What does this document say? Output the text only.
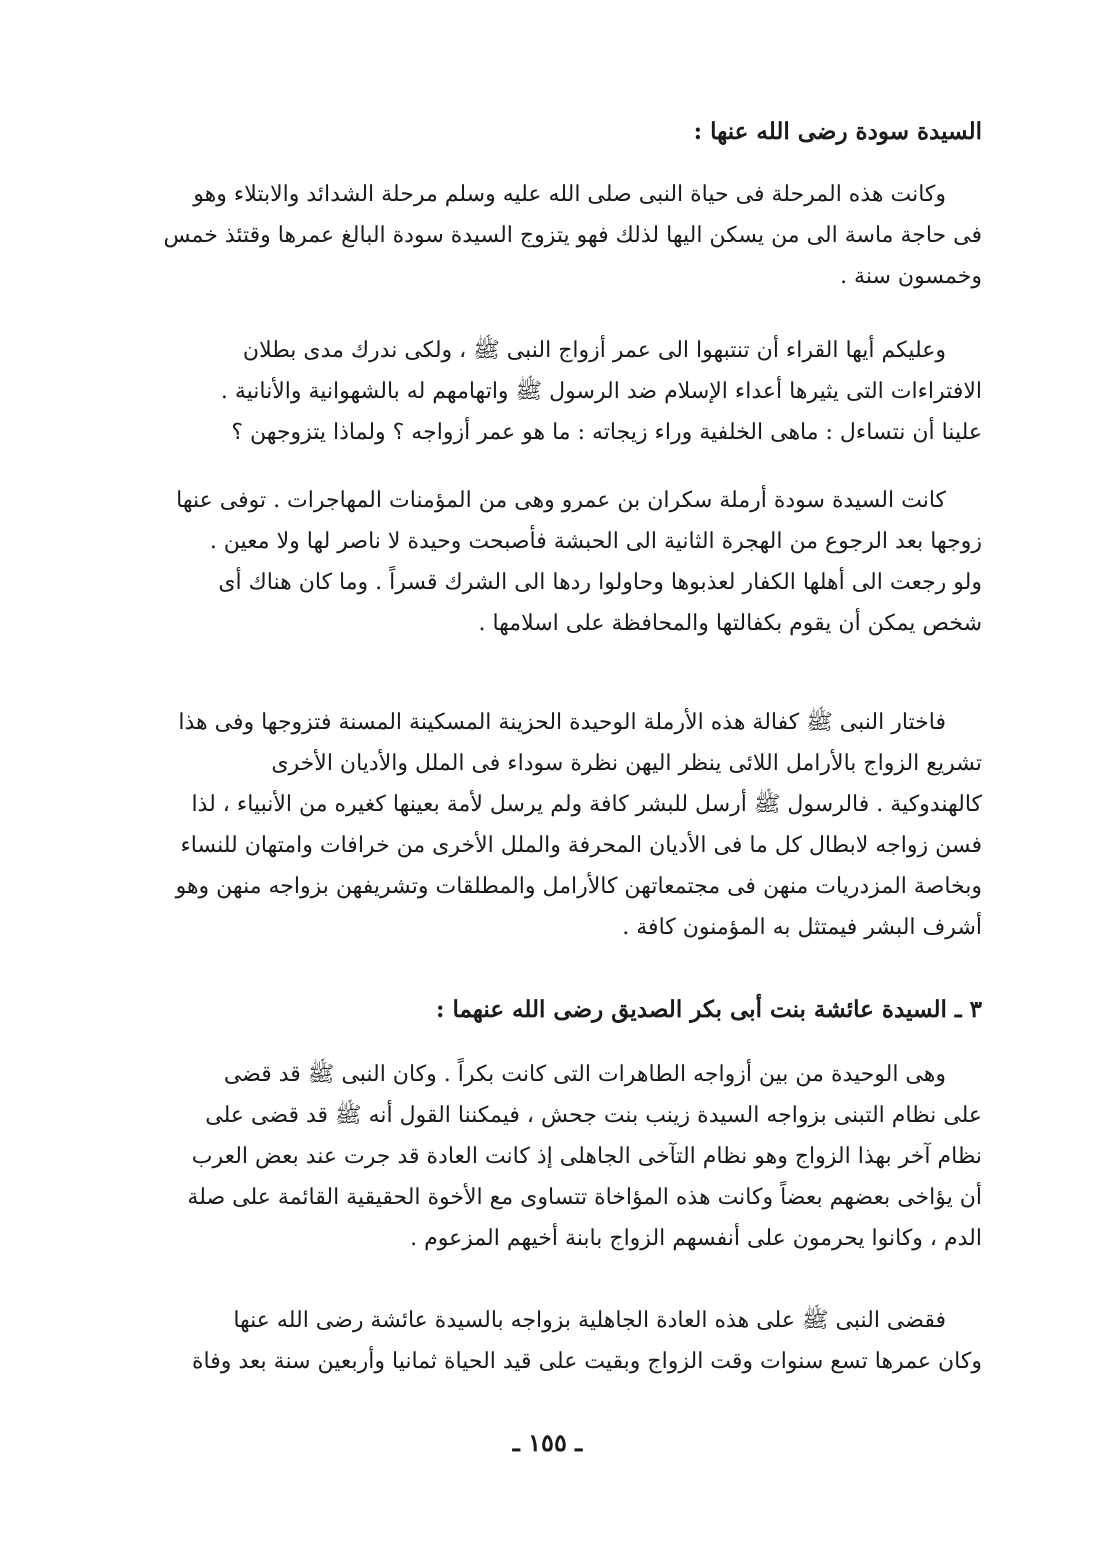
السيدة سودة رضى الله عنها :
وكانت هذه المرحلة فى حياة النبى صلى الله عليه وسلم مرحلة الشدائد والابتلاء وهو
فى حاجة ماسة الى من يسكن اليها لذلك فهو يتزوج السيدة سودة البالغ عمرها وقتئذ خمس
وخمسون سنة .
وعليكم أيها القراء أن تنتبهوا الى عمر أزواج النبى ﷺ ، ولكى ندرك مدى بطلان
الافتراءات التى يثيرها أعداء الإسلام ضد الرسول ﷺ واتهامهم له بالشهوانية والأنانية .
علينا أن نتساءل : ماهى الخلفية وراء زيجاته : ما هو عمر أزواجه ؟ ولماذا يتزوجهن ؟
كانت السيدة سودة أرملة سكران بن عمرو وهى من المؤمنات المهاجرات . توفى عنها
زوجها بعد الرجوع من الهجرة الثانية الى الحبشة فأصبحت وحيدة لا ناصر لها ولا معين .
ولو رجعت الى أهلها الكفار لعذبوها وحاولوا ردها الى الشرك قسراً . وما كان هناك أى
شخص يمكن أن يقوم بكفالتها والمحافظة على اسلامها .
فاختار النبى ﷺ كفالة هذه الأرملة الوحيدة الحزينة المسكينة المسنة فتزوجها وفى هذا
تشريع الزواج بالأرامل اللائى ينظر اليهن نظرة سوداء فى الملل والأديان الأخرى
كالهندوكية . فالرسول ﷺ أرسل للبشر كافة ولم يرسل لأمة بعينها كغيره من الأنبياء ، لذا
فسن زواجه لابطال كل ما فى الأديان المحرفة والملل الأخرى من خرافات وامتهان للنساء
وبخاصة المزدريات منهن فى مجتمعاتهن كالأرامل والمطلقات وتشريفهن بزواجه منهن وهو
أشرف البشر فيمتثل به المؤمنون كافة .
٣ ـ السيدة عائشة بنت أبى بكر الصديق رضى الله عنهما :
وهى الوحيدة من بين أزواجه الطاهرات التى كانت بكراً . وكان النبى ﷺ قد قضى
على نظام التبنى بزواجه السيدة زينب بنت جحش ، فيمكننا القول أنه ﷺ قد قضى على
نظام آخر بهذا الزواج وهو نظام التآخى الجاهلى إذ كانت العادة قد جرت عند بعض العرب
أن يؤاخى بعضهم بعضاً وكانت هذه المؤاخاة تتساوى مع الأخوة الحقيقية القائمة على صلة
الدم ، وكانوا يحرمون على أنفسهم الزواج بابنة أخيهم المزعوم .
فقضى النبى ﷺ على هذه العادة الجاهلية بزواجه بالسيدة عائشة رضى الله عنها
وكان عمرها تسع سنوات وقت الزواج وبقيت على قيد الحياة ثمانيا وأربعين سنة بعد وفاة
ـ ١٥٥ ـ
